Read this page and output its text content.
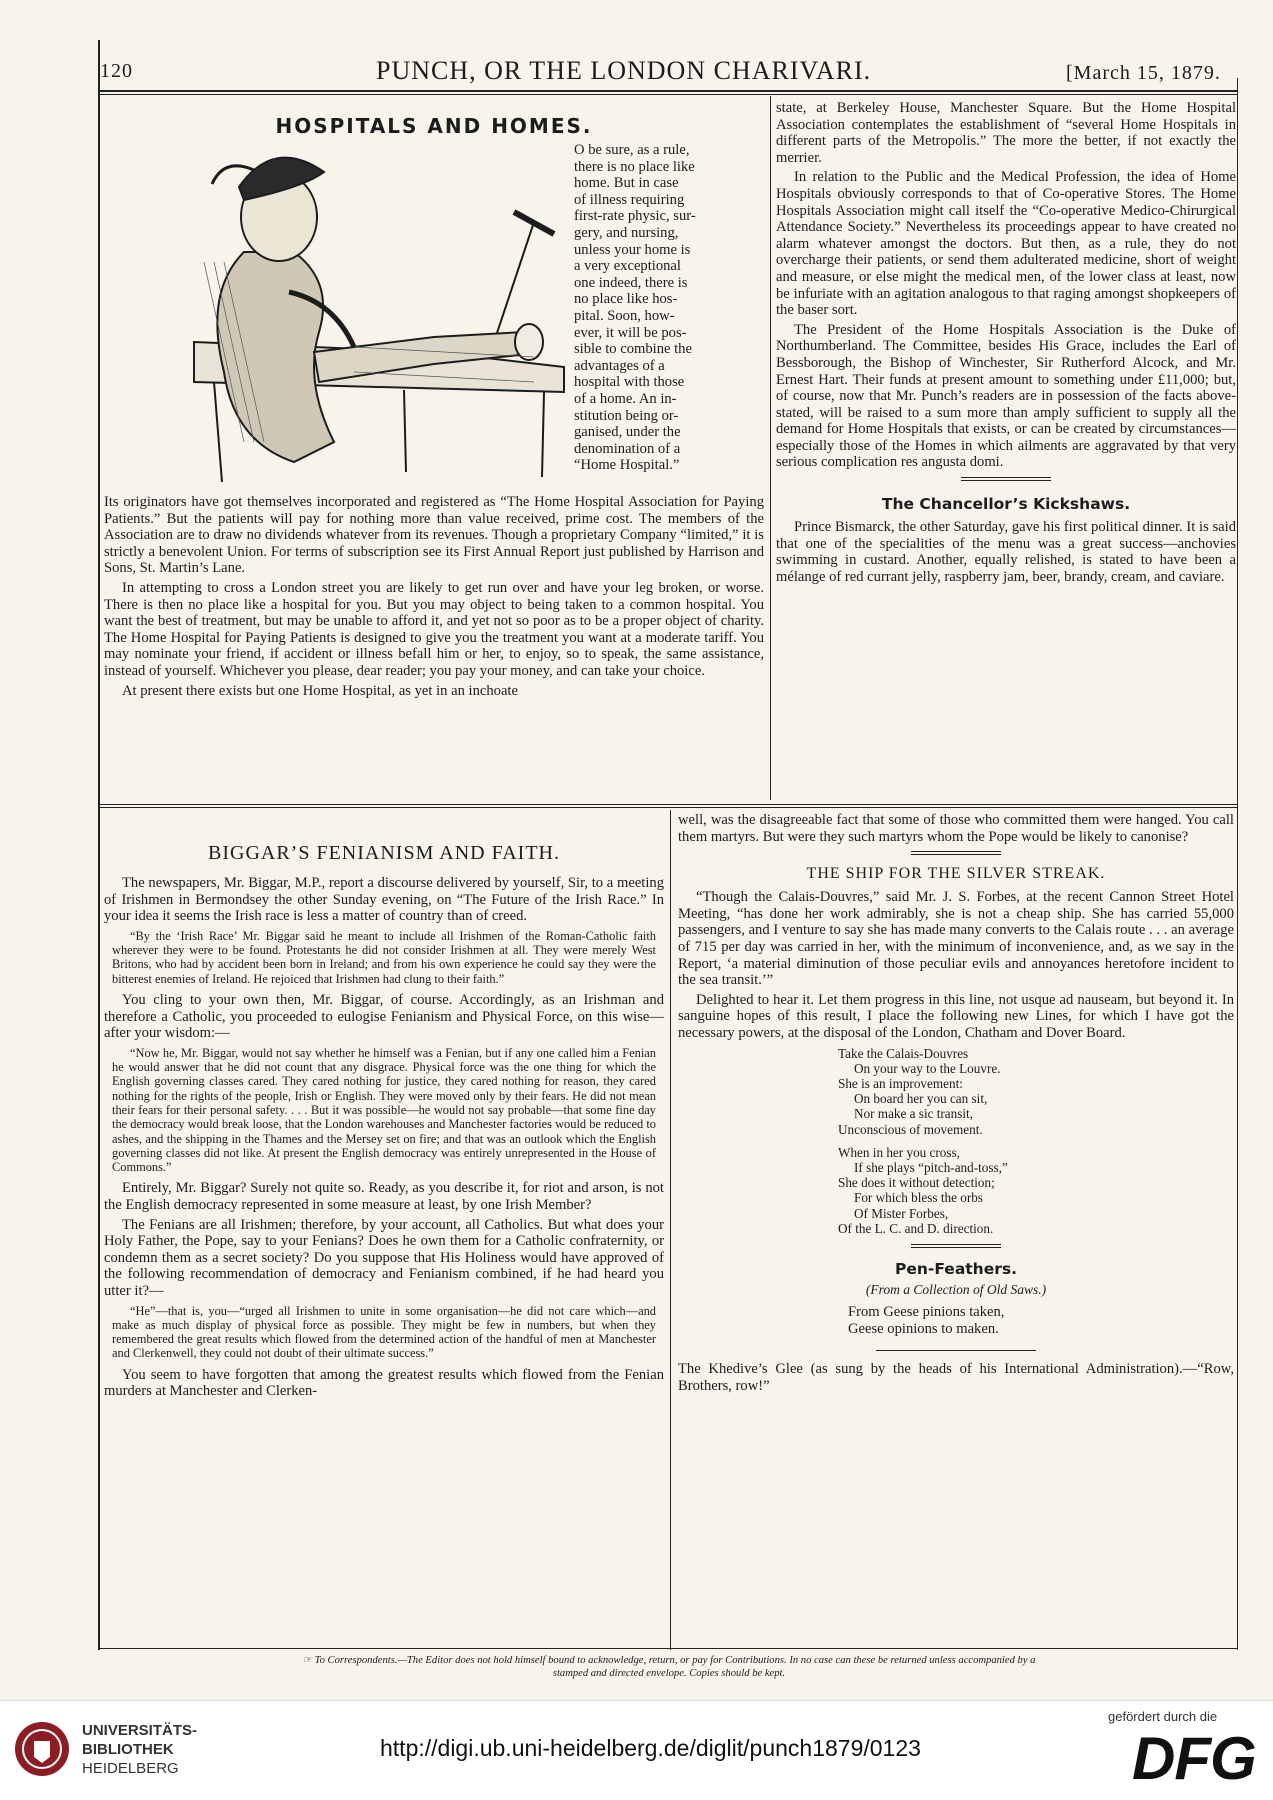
120	PUNCH, OR THE LONDON CHARIVARI.	[March 15, 1879.
HOSPITALS AND HOMES.
O be sure, as a rule,
there is no place like
home. But in case
of illness requiring
first-rate physic, sur-
gery, and nursing,
unless your home is
a very exceptional
one indeed, there is
no place like hos-
pital. Soon, how-
ever, it will be pos-
sible to combine the
advantages of a
hospital with those
of a home. An in-
stitution being or-
ganised, under the
denomination of a
“Home Hospital.”

Its originators have got themselves incorporated and registered as “The Home Hospital Association for Paying Patients.” But the patients will pay for nothing more than value received, prime cost. The members of the Association are to draw no dividends whatever from its revenues. Though a proprietary Company “limited,” it is strictly a benevolent Union. For terms of subscription see its First Annual Report just published by Harrison and Sons, St. Martin’s Lane.

In attempting to cross a London street you are likely to get run over and have your leg broken, or worse. There is then no place like a hospital for you. But you may object to being taken to a common hospital. You want the best of treatment, but may be unable to afford it, and yet not so poor as to be a proper object of charity. The Home Hospital for Paying Patients is designed to give you the treatment you want at a moderate tariff. You may nominate your friend, if accident or illness befall him or her, to enjoy, so to speak, the same assistance, instead of yourself. Whichever you please, dear reader; you pay your money, and can take your choice.

At present there exists but one Home Hospital, as yet in an inchoate

state, at Berkeley House, Manchester Square. But the Home Hospital Association contemplates the establishment of “several Home Hospitals in different parts of the Metropolis.” The more the better, if not exactly the merrier.

In relation to the Public and the Medical Profession, the idea of Home Hospitals obviously corresponds to that of Co-operative Stores. The Home Hospitals Association might call itself the “Co-operative Medico-Chirurgical Attendance Society.” Nevertheless its proceedings appear to have created no alarm whatever amongst the doctors. But then, as a rule, they do not overcharge their patients, or send them adulterated medicine, short of weight and measure, or else might the medical men, of the lower class at least, now be infuriate with an agitation analogous to that raging amongst shopkeepers of the baser sort.

The President of the Home Hospitals Association is the Duke of Northumberland. The Committee, besides His Grace, includes the Earl of Bessborough, the Bishop of Winchester, Sir Rutherford Alcock, and Mr. Ernest Hart. Their funds at present amount to something under £11,000; but, of course, now that Mr. Punch’s readers are in possession of the facts above-stated, will be raised to a sum more than amply sufficient to supply all the demand for Home Hospitals that exists, or can be created by circumstances—especially those of the Homes in which ailments are aggravated by that very serious complication res angusta domi.

The Chancellor’s Kickshaws.

Prince Bismarck, the other Saturday, gave his first political dinner. It is said that one of the specialities of the menu was a great success—anchovies swimming in custard. Another, equally relished, is stated to have been a mélange of red currant jelly, raspberry jam, beer, brandy, cream, and caviare.

BIGGAR’S FENIANISM AND FAITH.

The newspapers, Mr. Biggar, M.P., report a discourse delivered by yourself, Sir, to a meeting of Irishmen in Bermondsey the other Sunday evening, on “The Future of the Irish Race.” In your idea it seems the Irish race is less a matter of country than of creed.

“By the ‘Irish Race’ Mr. Biggar said he meant to include all Irishmen of the Roman-Catholic faith wherever they were to be found. Protestants he did not consider Irishmen at all. They were merely West Britons, who had by accident been born in Ireland; and from his own experience he could say they were the bitterest enemies of Ireland. He rejoiced that Irishmen had clung to their faith.”

You cling to your own then, Mr. Biggar, of course. Accordingly, as an Irishman and therefore a Catholic, you proceeded to eulogise Fenianism and Physical Force, on this wise—after your wisdom:—

“Now he, Mr. Biggar, would not say whether he himself was a Fenian, but if any one called him a Fenian he would answer that he did not count that any disgrace. Physical force was the one thing for which the English governing classes cared. They cared nothing for justice, they cared nothing for reason, they cared nothing for the rights of the people, Irish or English. They were moved only by their fears. He did not mean their fears for their personal safety. . . . But it was possible—he would not say probable—that some fine day the democracy would break loose, that the London warehouses and Manchester factories would be reduced to ashes, and the shipping in the Thames and the Mersey set on fire; and that was an outlook which the English governing classes did not like. At present the English democracy was entirely unrepresented in the House of Commons.”

Entirely, Mr. Biggar? Surely not quite so. Ready, as you describe it, for riot and arson, is not the English democracy represented in some measure at least, by one Irish Member?

The Fenians are all Irishmen; therefore, by your account, all Catholics. But what does your Holy Father, the Pope, say to your Fenians? Does he own them for a Catholic confraternity, or condemn them as a secret society? Do you suppose that His Holiness would have approved of the following recommendation of democracy and Fenianism combined, if he had heard you utter it?—

“He”—that is, you—“urged all Irishmen to unite in some organisation—he did not care which—and make as much display of physical force as possible. They might be few in numbers, but when they remembered the great results which flowed from the determined action of the handful of men at Manchester and Clerkenwell, they could not doubt of their ultimate success.”

You seem to have forgotten that among the greatest results which flowed from the Fenian murders at Manchester and Clerken-

well, was the disagreeable fact that some of those who committed them were hanged. You call them martyrs. But were they such martyrs whom the Pope would be likely to canonise?

THE SHIP FOR THE SILVER STREAK.

“Though the Calais-Douvres,” said Mr. J. S. Forbes, at the recent Cannon Street Hotel Meeting, “has done her work admirably, she is not a cheap ship. She has carried 55,000 passengers, and I venture to say she has made many converts to the Calais route . . . an average of 715 per day was carried in her, with the minimum of inconvenience, and, as we say in the Report, ‘a material diminution of those peculiar evils and annoyances heretofore incident to the sea transit.’”

Delighted to hear it. Let them progress in this line, not usque ad nauseam, but beyond it. In sanguine hopes of this result, I place the following new Lines, for which I have got the necessary powers, at the disposal of the London, Chatham and Dover Board.

Take the Calais-Douvres
On your way to the Louvre.
She is an improvement:
On board her you can sit,
Nor make a sic transit,
Unconscious of movement.
When in her you cross,
If she plays “pitch-and-toss,”
She does it without detection;
For which bless the orbs
Of Mister Forbes,
Of the L. C. and D. direction.
Pen-Feathers.
(From a Collection of Old Saws.)
From Geese pinions taken,
Geese opinions to maken.

The Khedive’s Glee (as sung by the heads of his International Administration).—“Row, Brothers, row!”

☞ To Correspondents.—The Editor does not hold himself bound to acknowledge, return, or pay for Contributions. In no case can these be returned unless accompanied by a
stamped and directed envelope. Copies should be kept.
UNIVERSITÄTS-
BIBLIOTHEK
HEIDELBERG
http://digi.ub.uni-heidelberg.de/diglit/punch1879/0123
gefördert durch die
DFG
